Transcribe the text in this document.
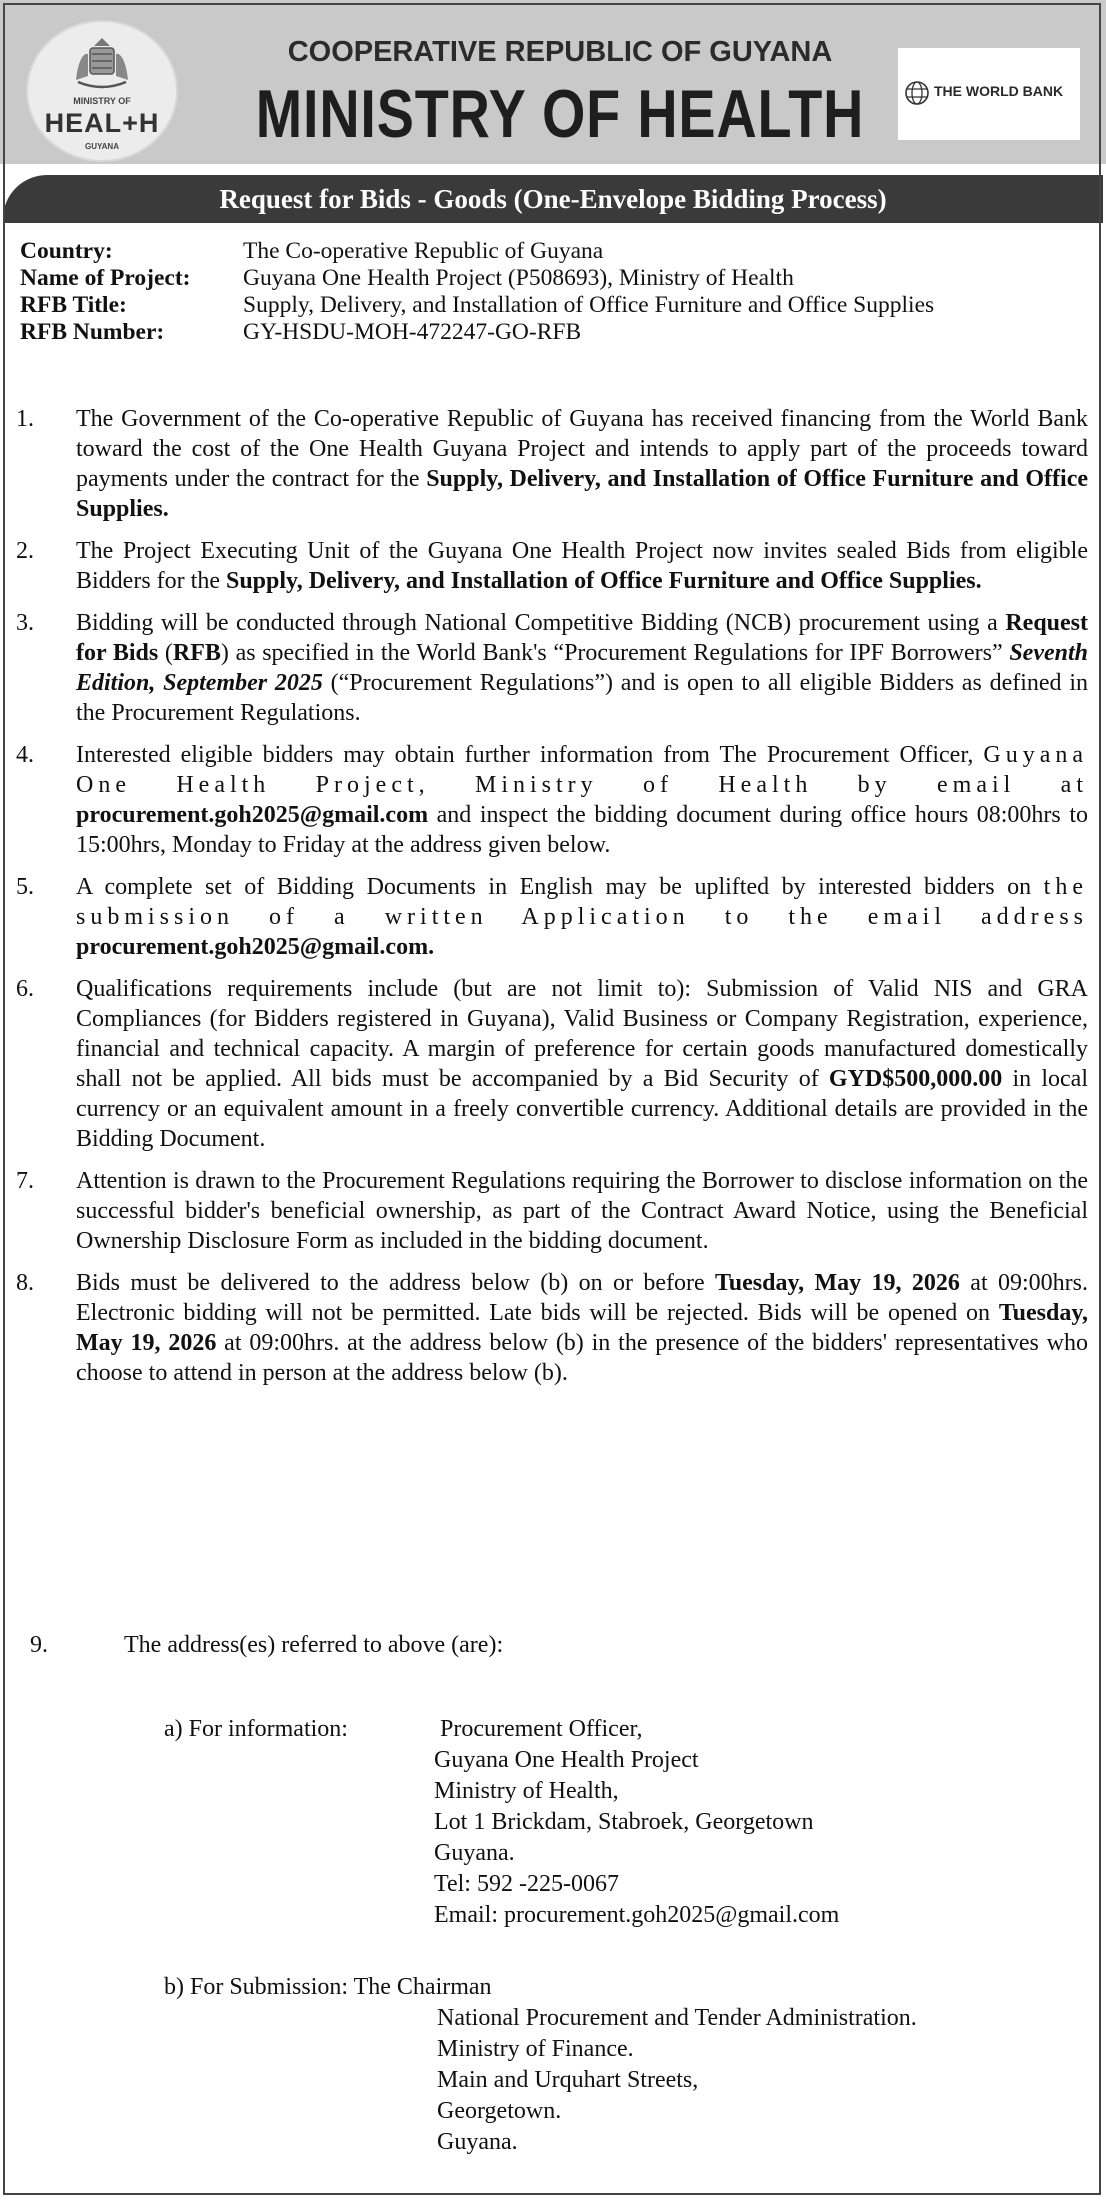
MINISTRY OF
HEAL+H
GUYANA
COOPERATIVE REPUBLIC OF GUYANA
MINISTRY OF HEALTH	THE WORLD BANK
Request for Bids - Goods (One-Envelope Bidding Process)
Country:	The Co-operative Republic of Guyana
Name of Project: Guyana One Health Project (P508693), Ministry of Health
RFB Title:	Supply, Delivery, and Installation of Office Furniture and Office Supplies
RFB Number:	GY-HSDU-MOH-472247-GO-RFB
1. The Government of the Co-operative Republic of Guyana has received financing from the World Bank toward the cost of the One Health Guyana Project and intends to apply part of the proceeds toward payments under the contract for the Supply, Delivery, and Installation of Office Furniture and Office Supplies.
2. The Project Executing Unit of the Guyana One Health Project now invites sealed Bids from eligible Bidders for the Supply, Delivery, and Installation of Office Furniture and Office Supplies.
3. Bidding will be conducted through National Competitive Bidding (NCB) procurement using a Request for Bids (RFB) as specified in the World Bank's “Procurement Regulations for IPF Borrowers” Seventh Edition, September 2025 (“Procurement Regulations”) and is open to all eligible Bidders as defined in the Procurement Regulations.
4. Interested eligible bidders may obtain further information from The Procurement Officer, Guyana One Health Project, Ministry of Health by email at procurement.goh2025@gmail.com and inspect the bidding document during office hours 08:00hrs to 15:00hrs, Monday to Friday at the address given below.
5. A complete set of Bidding Documents in English may be uplifted by interested bidders on the submission of a written Application to the email address procurement.goh2025@gmail.com.
6. Qualifications requirements include (but are not limit to): Submission of Valid NIS and GRA Compliances (for Bidders registered in Guyana), Valid Business or Company Registration, experience, financial and technical capacity. A margin of preference for certain goods manufactured domestically shall not be applied. All bids must be accompanied by a Bid Security of GYD$500,000.00 in local currency or an equivalent amount in a freely convertible currency. Additional details are provided in the Bidding Document.
7. Attention is drawn to the Procurement Regulations requiring the Borrower to disclose information on the successful bidder's beneficial ownership, as part of the Contract Award Notice, using the Beneficial Ownership Disclosure Form as included in the bidding document.
8. Bids must be delivered to the address below (b) on or before Tuesday, May 19, 2026 at 09:00hrs. Electronic bidding will not be permitted. Late bids will be rejected. Bids will be opened on Tuesday, May 19, 2026 at 09:00hrs. at the address below (b) in the presence of the bidders' representatives who choose to attend in person at the address below (b).
9.	The address(es) referred to above (are):
a) For information:	Procurement Officer,
Guyana One Health Project
Ministry of Health,
Lot 1 Brickdam, Stabroek, Georgetown
Guyana.
Tel: 592 -225-0067
Email: procurement.goh2025@gmail.com
b) For Submission: The Chairman
National Procurement and Tender Administration.
Ministry of Finance.
Main and Urquhart Streets,
Georgetown.
Guyana.
